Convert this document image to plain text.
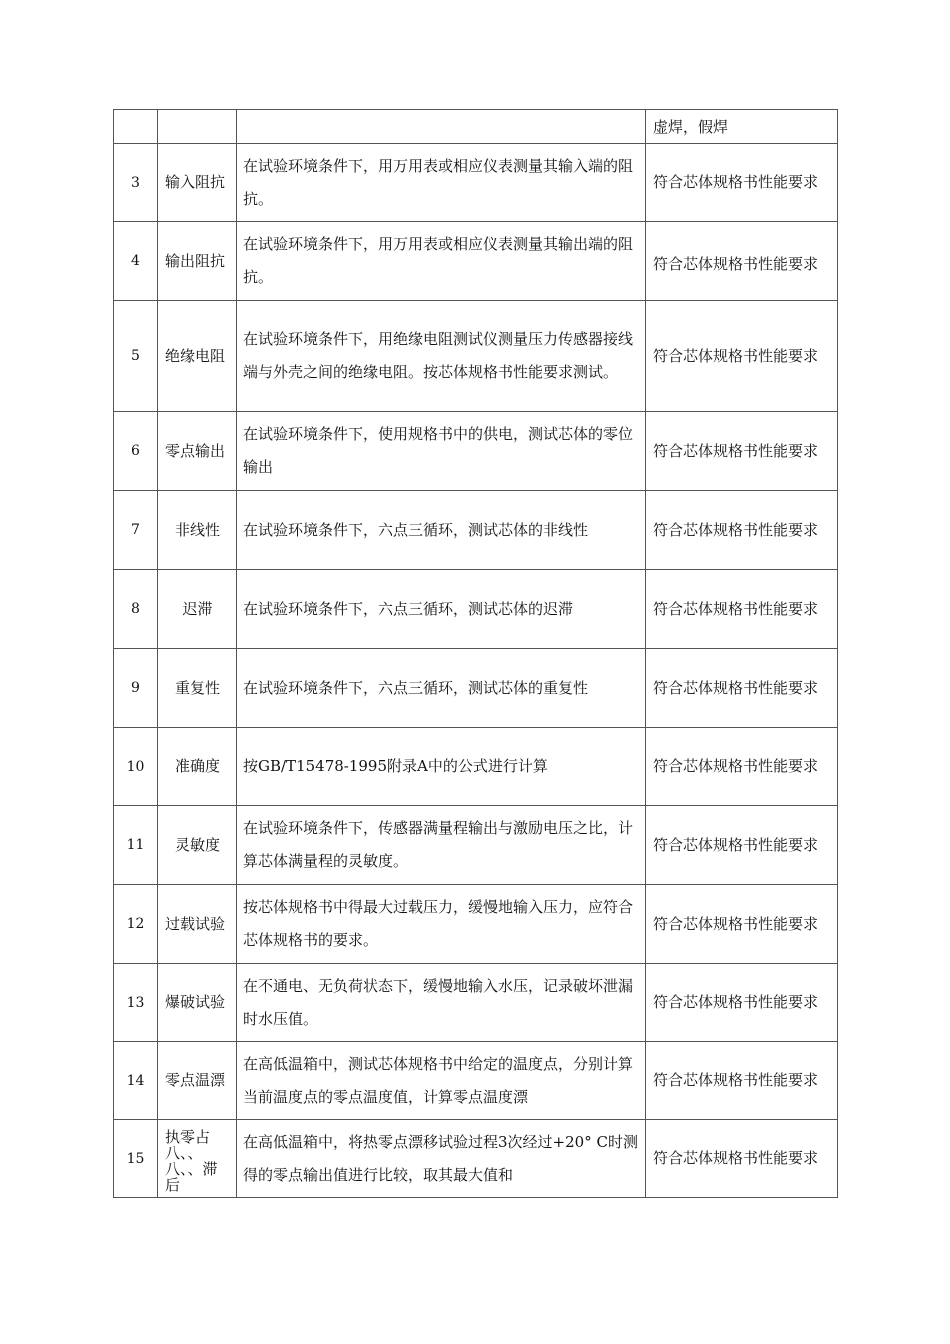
			虚焊，假焊

3	输入阻抗	在试验环境条件下，用万用表或相应仪表测量其输入端的阻抗。	符合芯体规格书性能要求
4	输出阻抗	在试验环境条件下，用万用表或相应仪表测量其输出端的阻抗。	符合芯体规格书性能要求
5	绝缘电阻	在试验环境条件下，用绝缘电阻测试仪测量压力传感器接线端与外壳之间的绝缘电阻。按芯体规格书性能要求测试。	符合芯体规格书性能要求
6	零点输出	在试验环境条件下，使用规格书中的供电，测试芯体的零位输出	符合芯体规格书性能要求
7	非线性	在试验环境条件下，六点三循环，测试芯体的非线性	符合芯体规格书性能要求
8	迟滞	在试验环境条件下，六点三循环，测试芯体的迟滞	符合芯体规格书性能要求
9	重复性	在试验环境条件下，六点三循环，测试芯体的重复性	符合芯体规格书性能要求
10	准确度	按GB/T15478-1995附录A中的公式进行计算	符合芯体规格书性能要求
11	灵敏度	在试验环境条件下，传感器满量程输出与激励电压之比，计算芯体满量程的灵敏度。	符合芯体规格书性能要求
12	过载试验	按芯体规格书中得最大过载压力，缓慢地输入压力，应符合芯体规格书的要求。	符合芯体规格书性能要求
13	爆破试验	在不通电、无负荷状态下，缓慢地输入水压，记录破坏泄漏时水压值。	符合芯体规格书性能要求
14	零点温漂	在高低温箱中，测试芯体规格书中给定的温度点，分别计算当前温度点的零点温度值，计算零点温度漂	符合芯体规格书性能要求
15	执零占八、、八、、滞后	在高低温箱中，将热零点漂移试验过程3次经过+20° C时测得的零点输出值进行比较，取其最大值和	符合芯体规格书性能要求
